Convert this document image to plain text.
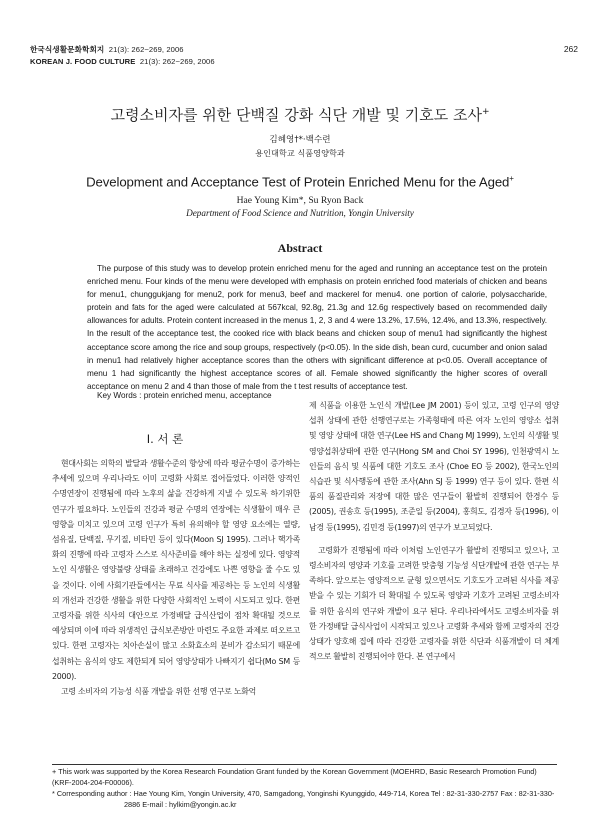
한국식생활문화학회지 21(3): 262~269, 2006
KOREAN J. FOOD CULTURE 21(3): 262~269, 2006
262
고령소비자를 위한 단백질 강화 식단 개발 및 기호도 조사+
김혜영†*·백수련
용인대학교 식품영양학과
Development and Acceptance Test of Protein Enriched Menu for the Aged+
Hae Young Kim*, Su Ryon Back
Department of Food Science and Nutrition, Yongin University
Abstract
The purpose of this study was to develop protein enriched menu for the aged and running an acceptance test on the protein enriched menu. Four kinds of the menu were developed with emphasis on protein enriched food materials of chicken and beans for menu1, chunggukjang for menu2, pork for menu3, beef and mackerel for menu4. one portion of calorie, polysaccharide, protein and fats for the aged were calculated at 567kcal, 92.8g, 21.3g and 12.6g respectively based on recommended daily allowances for adults. Protein content increased in the menus 1, 2, 3 and 4 were 13.2%, 17.5%, 12.4%, and 13.3%, respectively. In the result of the acceptance test, the cooked rice with black beans and chicken soup of menu1 had significantly the highest acceptance score among the rice and soup groups, respectively (p<0.05). In the side dish, bean curd, cucumber and onion salad in menu1 had relatively higher acceptance scores than the others with significant difference at p<0.05. Overall acceptance of menu 1 had significantly the highest acceptance scores of all. Female showed significantly the higher scores of overall acceptance on menu 2 and 4 than those of male from the t test results of acceptance test.
Key Words : protein enriched menu, acceptance
I. 서 론

현대사회는 의학의 발달과 생활수준의 향상에 따라 평균수명이 증가하는 추세에 있으며 우리나라도 이미 고령화 사회로 접어들었다. 이러한 양적인 수명연장이 진행됨에 따라 노후의 삶을 건강하게 지낼 수 있도록 하기위한 연구가 필요하다. 노인들의 건강과 평균 수명의 연장에는 식생활이 매우 큰 영향을 미치고 있으며 고령 인구가 특히 유의해야 할 영양 요소에는 열량, 섬유질, 단백질, 무기질, 비타민 등이 있다(Moon SJ 1995). 그러나 핵가족화의 진행에 따라 고령자 스스로 식사준비를 해야 하는 실정에 있다. 영양적 노인 식생활은 영양불량 상태를 초래하고 건강에도 나쁜 영향을 줄 수도 있을 것이다. 이에 사회기관들에서는 무료 식사를 제공하는 등 노인의 식생활의 개선과 건강한 생활을 위한 다양한 사회적인 노력이 시도되고 있다. 한편 고령자를 위한 식사의 대안으로 가정배달 급식산업이 점차 확대될 것으로 예상되며 이에 따라 위생적인 급식보존방안 마련도 주요한 과제로 떠오르고 있다. 한편 고령자는 치아손실이 많고 소화효소의 분비가 감소되기 때문에 섭취하는 음식의 양도 제한되게 되어 영양상태가 나빠지기 쉽다(Mo SM 등 2000).

고령 소비자의 기능성 식품 개발을 위한 선행 연구로 노화억

제 식품을 이용한 노인식 개발(Lee JM 2001) 등이 있고, 고령 인구의 영양섭취 상태에 관한 선행연구로는 가족형태에 따른 여자 노인의 영양소 섭취 및 영양 상태에 대한 연구(Lee HS and Chang MJ 1999), 노인의 식생활 및 영양섭취상태에 관한 연구(Hong SM and Choi SY 1996), 인천광역시 노인들의 음식 및 식품에 대한 기호도 조사 (Choe EO 등 2002), 한국노인의 식습관 및 식사행동에 관한 조사(Ahn SJ 등 1999) 연구 등이 있다. 한편 식품의 품질관리와 저장에 대한 많은 연구들이 활발히 진행되어 한경수 등(2005), 권송흐 등(1995), 조준일 등(2004), 홍희도, 김경자 등(1996), 이남경 등(1995), 김민경 등(1997)의 연구가 보고되었다.

고령화가 진행됨에 따라 이처럼 노인연구가 활발히 진행되고 있으나, 고령소비자의 영양과 기호를 고려한 맞춤형 기능성 식단개발에 관한 연구는 부족하다. 앞으로는 영양적으로 균형 있으면서도 기호도가 고려된 식사를 제공받을 수 있는 기회가 더 확대될 수 있도록 영양과 기호가 고려된 고령소비자를 위한 음식의 연구와 개발이 요구 된다. 우리나라에서도 고령소비자를 위한 가정배달 급식사업이 시작되고 있으나 고령화 추세와 함께 고령자의 건강상태가 양호해 집에 따라 건강한 고령자를 위한 식단과 식품개발이 더 체계적으로 활발히 진행되어야 한다. 본 연구에서

+ This work was supported by the Korea Research Foundation Grant funded by the Korean Government (MOEHRD, Basic Research Promotion Fund) (KRF-2004-204-F00006).
* Corresponding author : Hae Young Kim, Yongin University, 470, Samgadong, Yonginshi Kyunggido, 449-714, Korea Tel : 82-31-330-2757 Fax : 82-31-330-
2886 E-mail : hylkim@yongin.ac.kr
